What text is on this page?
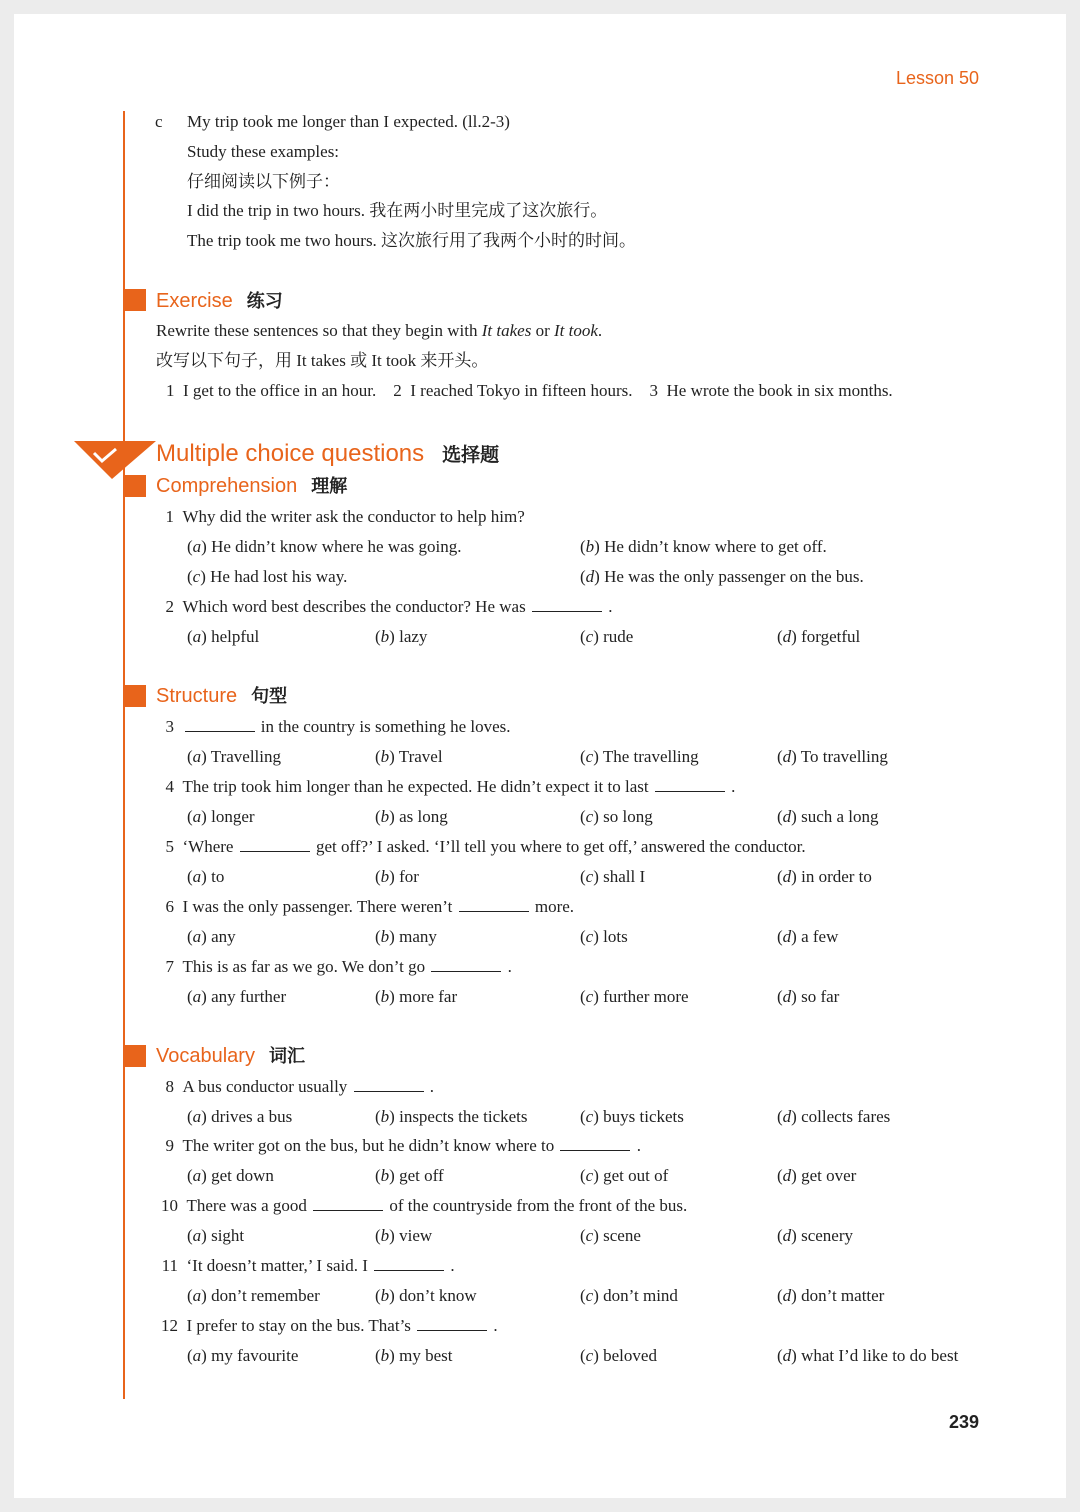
Lesson 50
c My trip took me longer than I expected. (ll.2-3)
Study these examples:
仔细阅读以下例子：
I did the trip in two hours. 我在两小时里完成了这次旅行。
The trip took me two hours. 这次旅行用了我两个小时的时间。
Exercise 练习
Rewrite these sentences so that they begin with It takes or It took.
改写以下句子，用 It takes 或 It took 来开头。
1 I get to the office in an hour. 2 I reached Tokyo in fifteen hours. 3 He wrote the book in six months.
Multiple choice questions 选择题
Comprehension 理解
1 Why did the writer ask the conductor to help him?
(a) He didn’t know where he was going.	(b) He didn’t know where to get off.
(c) He had lost his way.	(d) He was the only passenger on the bus.
2 Which word best describes the conductor? He was	.
(a) helpful	(b) lazy	(c) rude	(d) forgetful
Structure 句型
3	in the country is something he loves.
(a) Travelling	(b) Travel	(c) The travelling	(d) To travelling
4 The trip took him longer than he expected. He didn’t expect it to last	.
(a) longer	(b) as long	(c) so long	(d) such a long
5 ‘Where	get off?’ I asked. ‘I’ll tell you where to get off,’ answered the conductor.
(a) to	(b) for	(c) shall I	(d) in order to
6 I was the only passenger. There weren’t	more.
(a) any	(b) many	(c) lots	(d) a few
7 This is as far as we go. We don’t go	.
(a) any further	(b) more far	(c) further more	(d) so far
Vocabulary 词汇
8 A bus conductor usually	.
(a) drives a bus	(b) inspects the tickets	(c) buys tickets	(d) collects fares
9 The writer got on the bus, but he didn’t know where to	.
(a) get down	(b) get off	(c) get out of	(d) get over
10 There was a good	of the countryside from the front of the bus.
(a) sight	(b) view	(c) scene	(d) scenery
11 ‘It doesn’t matter,’ I said. I	.
(a) don’t remember	(b) don’t know	(c) don’t mind	(d) don’t matter
12 I prefer to stay on the bus. That’s	.
(a) my favourite	(b) my best	(c) beloved	(d) what I’d like to do best
239
